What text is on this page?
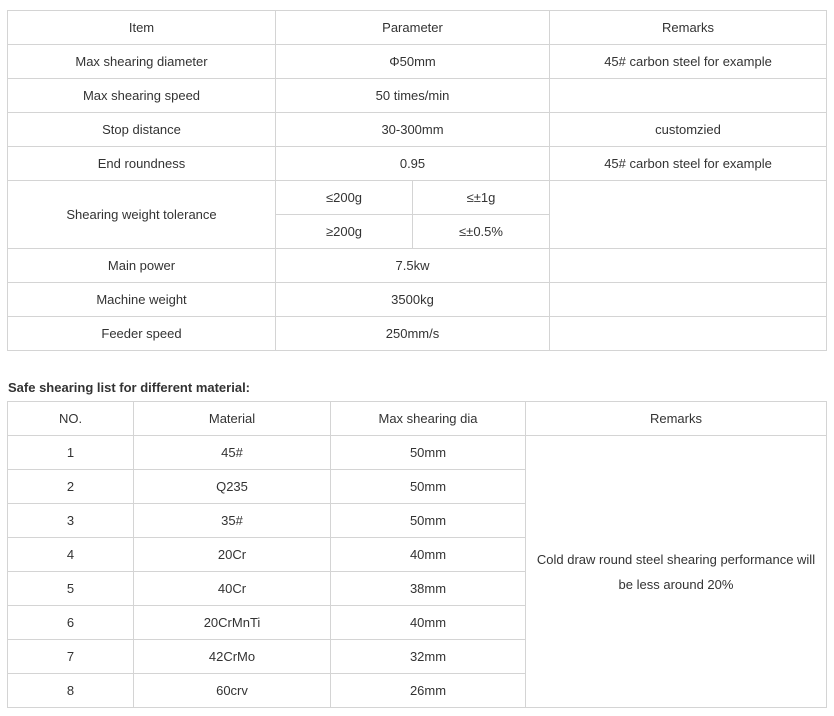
Item	Parameter		Remarks
Max shearing diameter	Φ50mm		45# carbon steel for example
Max shearing speed	50 times/min		
Stop distance	30-300mm		customzied
End roundness	0.95		45# carbon steel for example
Shearing weight tolerance	≤200g	≤±1g	
	≥200g	≤±0.5%	
Main power	7.5kw		
Machine weight	3500kg		
Feeder speed	250mm/s		
Safe shearing list for different material:
NO.	Material	Max shearing dia	Remarks
1	45#	50mm	Cold draw round steel shearing performance will be less around 20%
2	Q235	50mm	
3	35#	50mm	
4	20Cr	40mm	
5	40Cr	38mm	
6	20CrMnTi	40mm	
7	42CrMo	32mm	
8	60crv	26mm	
